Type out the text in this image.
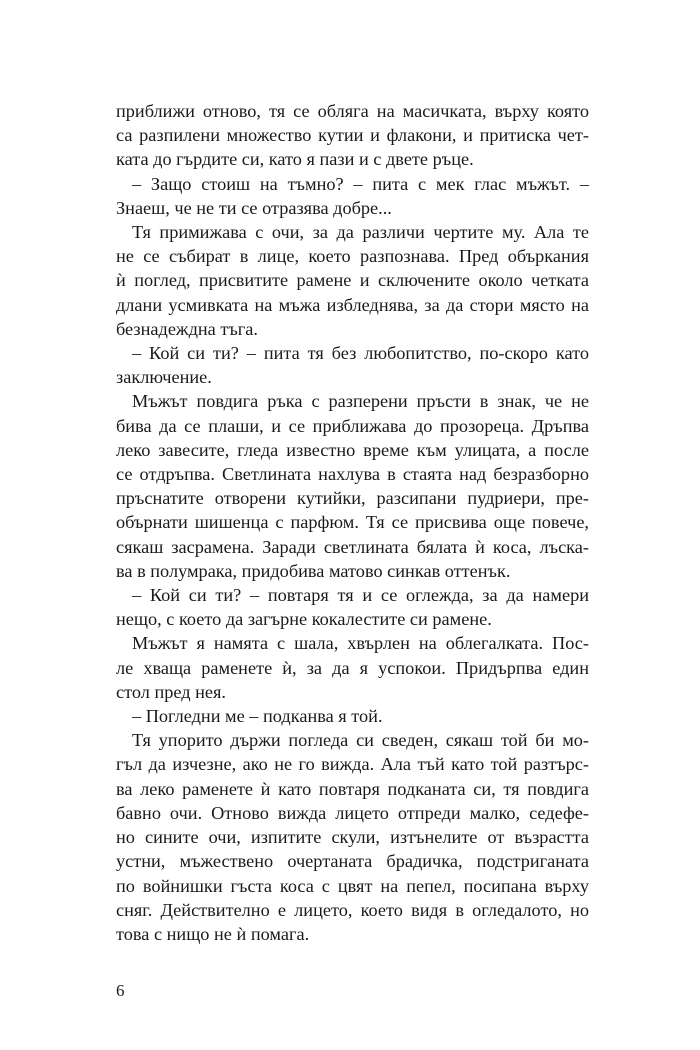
приближи отново, тя се обляга на масичката, върху която
са разпилени множество кутии и флакони, и притиска чет-
ката до гърдите си, като я пази и с двете ръце.
– Защо стоиш на тъмно? – пита с мек глас мъжът. –
Знаеш, че не ти се отразява добре...
Тя примижава с очи, за да различи чертите му. Ала те
не се събират в лице, което разпознава. Пред объркания
ѝ поглед, присвитите рамене и сключените около четката
длани усмивката на мъжа избледнява, за да стори място на
безнадеждна тъга.
– Кой си ти? – пита тя без любопитство, по-скоро като
заключение.
Мъжът повдига ръка с разперени пръсти в знак, че не
бива да се плаши, и се приближава до прозореца. Дръпва
леко завесите, гледа известно време към улицата, а после
се отдръпва. Светлината нахлува в стаята над безразборно
пръснатите отворени кутийки, разсипани пудриери, пре-
обърнати шишенца с парфюм. Тя се присвива още повече,
сякаш засрамена. Заради светлината бялата ѝ коса, лъска-
ва в полумрака, придобива матово синкав оттенък.
– Кой си ти? – повтаря тя и се оглежда, за да намери
нещо, с което да загърне кокалестите си рамене.
Мъжът я намята с шала, хвърлен на облегалката. Пос-
ле хваща раменете ѝ, за да я успокои. Придърпва един
стол пред нея.
– Погледни ме – подканва я той.
Тя упорито държи погледа си сведен, сякаш той би мо-
гъл да изчезне, ако не го вижда. Ала тъй като той разтърс-
ва леко раменете ѝ като повтаря подканата си, тя повдига
бавно очи. Отново вижда лицето отпреди малко, седефе-
но сините очи, изпитите скули, изтънелите от възрастта
устни, мъжествено очертаната брадичка, подстриганата
по войнишки гъста коса с цвят на пепел, посипана върху
сняг. Действително е лицето, което видя в огледалото, но
това с нищо не ѝ помага.
6
